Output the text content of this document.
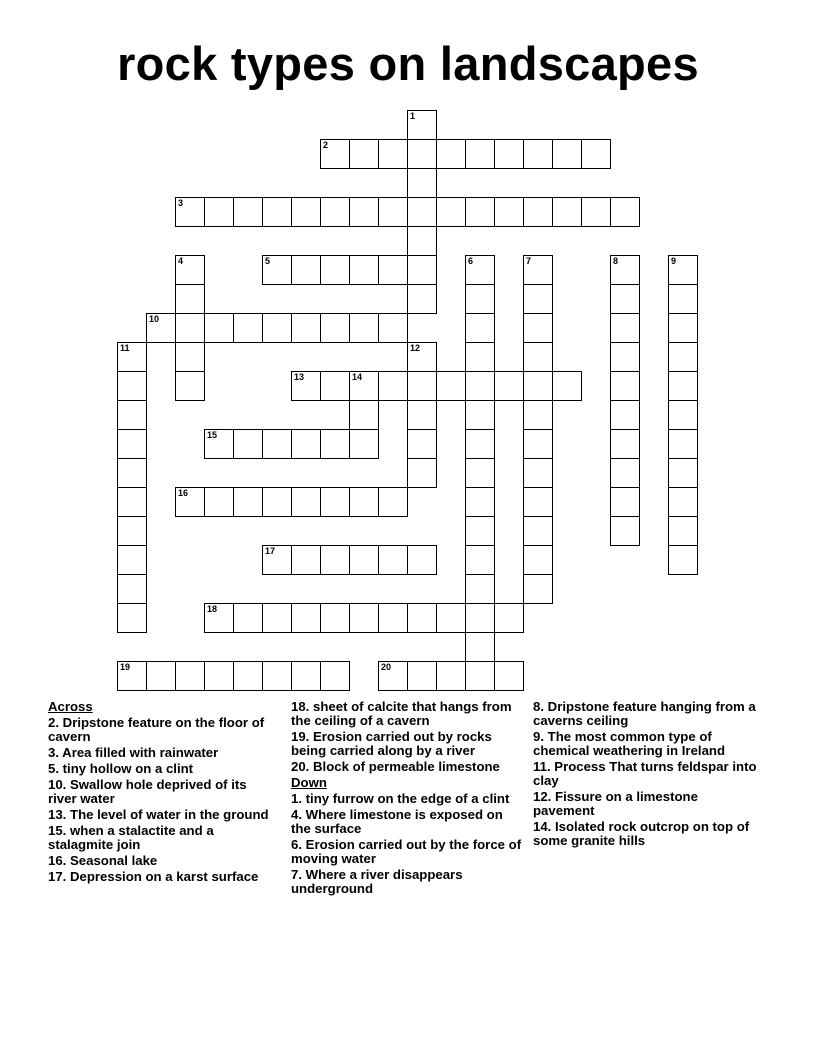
rock types on landscapes
1
2
3
4	5	6	7	8	9
10
11	12
13	14
15
16
17
18
19	20
Across
2. Dripstone feature on the floor of cavern
3. Area filled with rainwater
5. tiny hollow on a clint
10. Swallow hole deprived of its river water
13. The level of water in the ground
15. when a stalactite and a stalagmite join
16. Seasonal lake
17. Depression on a karst surface
18. sheet of calcite that hangs from the ceiling of a cavern
19. Erosion carried out by rocks being carried along by a river
20. Block of permeable limestone
Down
1. tiny furrow on the edge of a clint
4. Where limestone is exposed on the surface
6. Erosion carried out by the force of moving water
7. Where a river disappears underground
8. Dripstone feature hanging from a caverns ceiling
9. The most common type of chemical weathering in Ireland
11. Process That turns feldspar into clay
12. Fissure on a limestone pavement
14. Isolated rock outcrop on top of some granite hills
